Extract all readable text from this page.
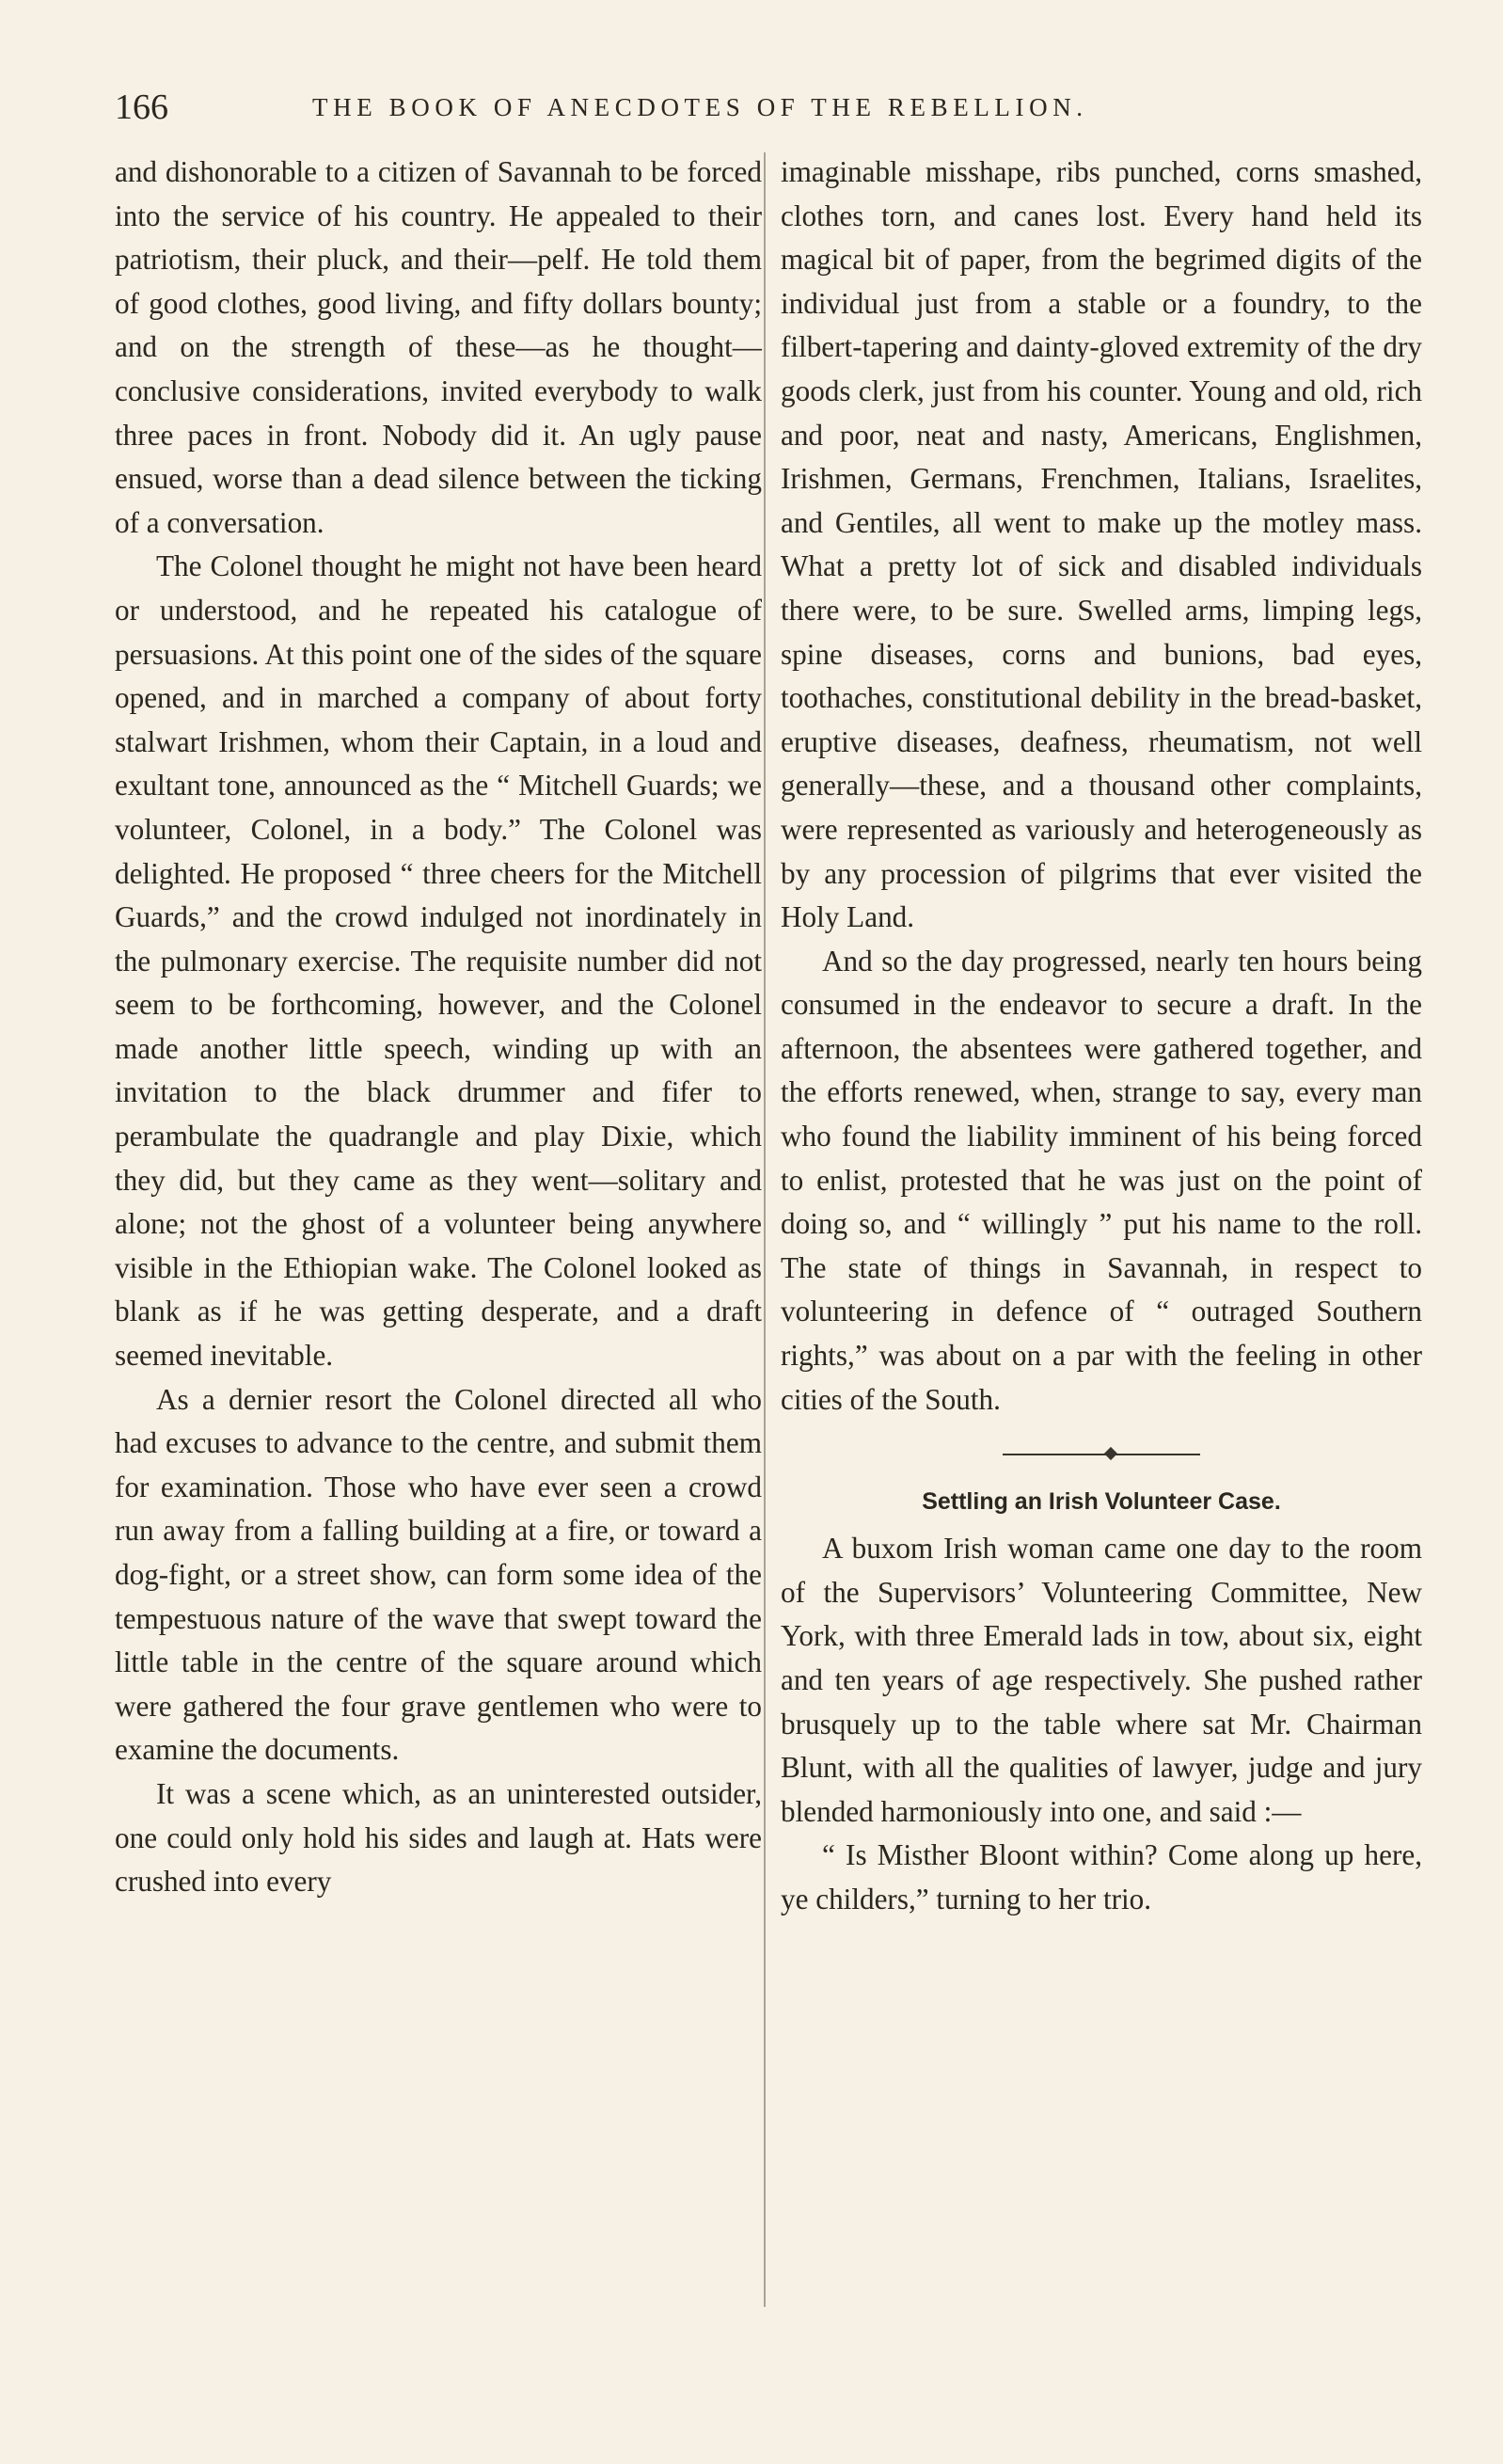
166	THE BOOK OF ANECDOTES OF THE REBELLION.

and dishonorable to a citizen of Savannah to be forced into the service of his country. He appealed to their patriotism, their pluck, and their—pelf. He told them of good clothes, good living, and fifty dollars bounty; and on the strength of these—as he thought—conclusive considerations, invited everybody to walk three paces in front. Nobody did it. An ugly pause ensued, worse than a dead silence between the ticking of a conversation.

The Colonel thought he might not have been heard or understood, and he repeated his catalogue of persuasions. At this point one of the sides of the square opened, and in marched a company of about forty stalwart Irishmen, whom their Captain, in a loud and exultant tone, announced as the “ Mitchell Guards; we volunteer, Colonel, in a body.” The Colonel was delighted. He proposed “ three cheers for the Mitchell Guards,” and the crowd indulged not inordinately in the pulmonary exercise. The requisite number did not seem to be forthcoming, however, and the Colonel made another little speech, winding up with an invitation to the black drummer and fifer to perambulate the quadrangle and play Dixie, which they did, but they came as they went—solitary and alone; not the ghost of a volunteer being anywhere visible in the Ethiopian wake. The Colonel looked as blank as if he was getting desperate, and a draft seemed inevitable.

As a dernier resort the Colonel directed all who had excuses to advance to the centre, and submit them for examination. Those who have ever seen a crowd run away from a falling building at a fire, or toward a dog-fight, or a street show, can form some idea of the tempestuous nature of the wave that swept toward the little table in the centre of the square around which were gathered the four grave gentlemen who were to examine the documents.

It was a scene which, as an uninterested outsider, one could only hold his sides and laugh at. Hats were crushed into every

imaginable misshape, ribs punched, corns smashed, clothes torn, and canes lost. Every hand held its magical bit of paper, from the begrimed digits of the individual just from a stable or a foundry, to the filbert-tapering and dainty-gloved extremity of the dry goods clerk, just from his counter. Young and old, rich and poor, neat and nasty, Americans, Englishmen, Irishmen, Germans, Frenchmen, Italians, Israelites, and Gentiles, all went to make up the motley mass. What a pretty lot of sick and disabled individuals there were, to be sure. Swelled arms, limping legs, spine diseases, corns and bunions, bad eyes, toothaches, constitutional debility in the bread-basket, eruptive diseases, deafness, rheumatism, not well generally—these, and a thousand other complaints, were represented as variously and heterogeneously as by any procession of pilgrims that ever visited the Holy Land.

And so the day progressed, nearly ten hours being consumed in the endeavor to secure a draft. In the afternoon, the absentees were gathered together, and the efforts renewed, when, strange to say, every man who found the liability imminent of his being forced to enlist, protested that he was just on the point of doing so, and “ willingly ” put his name to the roll. The state of things in Savannah, in respect to volunteering in defence of “ outraged Southern rights,” was about on a par with the feeling in other cities of the South.

Settling an Irish Volunteer Case.

A buxom Irish woman came one day to the room of the Supervisors’ Volunteering Committee, New York, with three Emerald lads in tow, about six, eight and ten years of age respectively. She pushed rather brusquely up to the table where sat Mr. Chairman Blunt, with all the qualities of lawyer, judge and jury blended harmoniously into one, and said :—

“ Is Misther Bloont within? Come along up here, ye childers,” turning to her trio.
